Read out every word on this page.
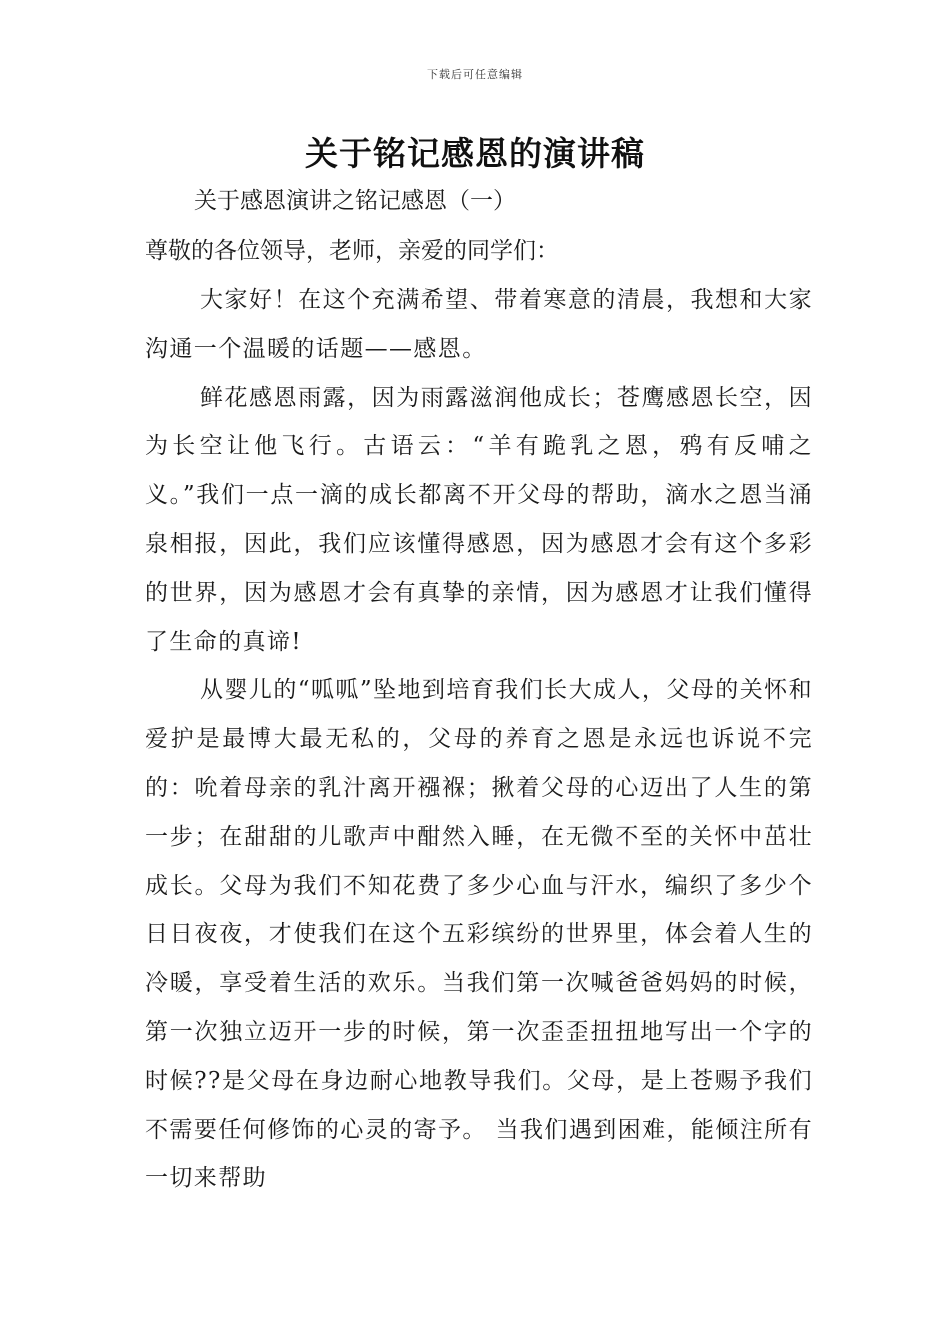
下载后可任意编辑
关于铭记感恩的演讲稿

关于感恩演讲之铭记感恩（一）

尊敬的各位领导，老师，亲爱的同学们：

大家好！在这个充满希望、带着寒意的清晨，我想和大家沟通一个温暖的话题——感恩。

鲜花感恩雨露，因为雨露滋润他成长；苍鹰感恩长空，因为长空让他飞行。古语云：“羊有跪乳之恩，鸦有反哺之义。”我们一点一滴的成长都离不开父母的帮助，滴水之恩当涌泉相报，因此，我们应该懂得感恩，因为感恩才会有这个多彩的世界，因为感恩才会有真挚的亲情，因为感恩才让我们懂得了生命的真谛!

从婴儿的“呱呱”坠地到培育我们长大成人，父母的关怀和爱护是最博大最无私的，父母的养育之恩是永远也诉说不完的：吮着母亲的乳汁离开襁褓；揪着父母的心迈出了人生的第一步；在甜甜的儿歌声中酣然入睡，在无微不至的关怀中茁壮成长。父母为我们不知花费了多少心血与汗水，编织了多少个日日夜夜，才使我们在这个五彩缤纷的世界里，体会着人生的冷暖，享受着生活的欢乐。当我们第一次喊爸爸妈妈的时候，第一次独立迈开一步的时候，第一次歪歪扭扭地写出一个字的时候??是父母在身边耐心地教导我们。父母，是上苍赐予我们不需要任何修饰的心灵的寄予。 当我们遇到困难，能倾注所有一切来帮助
